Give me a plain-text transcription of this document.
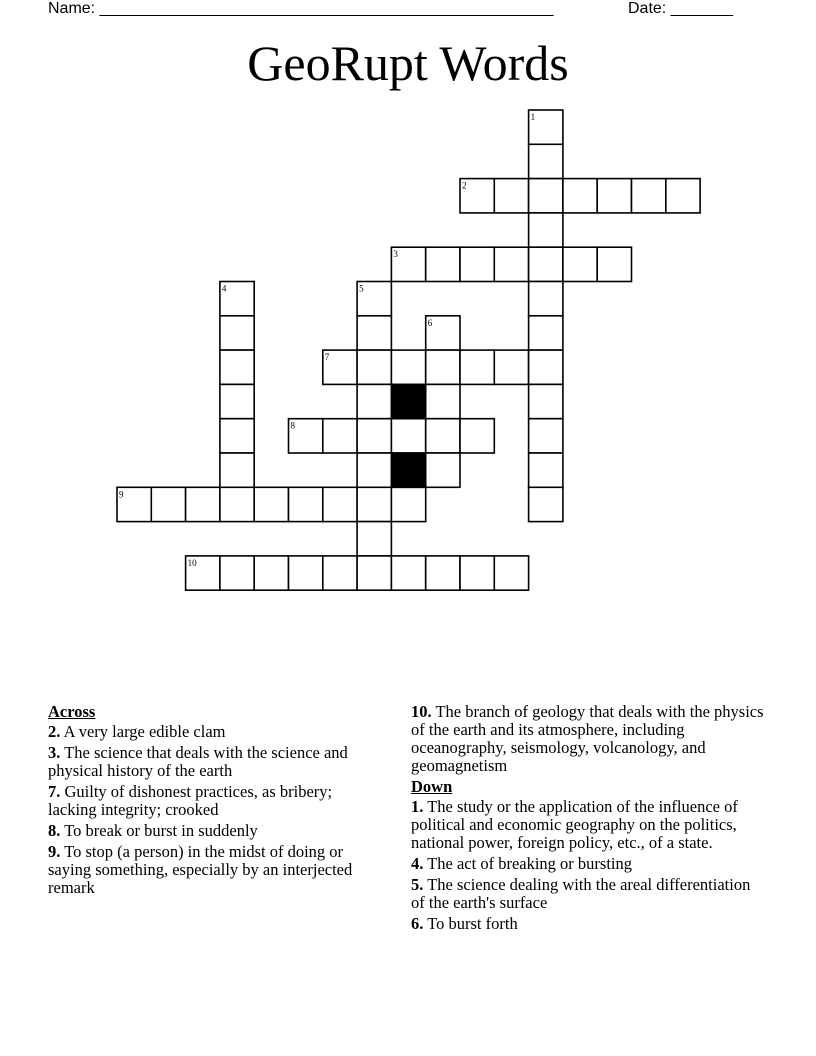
Name: ___________________________________________________	Date: _______
GeoRupt Words
1
2
3
4	5
6
7
8
9
10
Across
2. A very large edible clam
3. The science that deals with the science and physical history of the earth
7. Guilty of dishonest practices, as bribery; lacking integrity; crooked
8. To break or burst in suddenly
9. To stop (a person) in the midst of doing or saying something, especially by an interjected remark
10. The branch of geology that deals with the physics of the earth and its atmosphere, including oceanography, seismology, volcanology, and geomagnetism
Down
1. The study or the application of the influence of political and economic geography on the politics, national power, foreign policy, etc., of a state.
4. The act of breaking or bursting
5. The science dealing with the areal differentiation of the earth's surface
6. To burst forth
